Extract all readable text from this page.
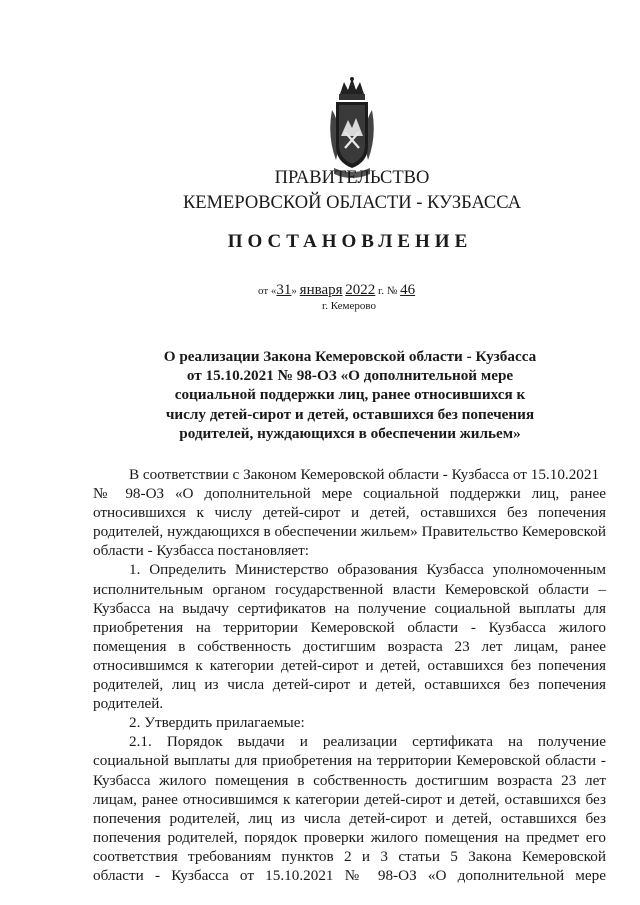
ПРАВИТЕЛЬСТВО
КЕМЕРОВСКОЙ ОБЛАСТИ - КУЗБАССА
ПОСТАНОВЛЕНИЕ
от «31» января 2022 г. № 46
г. Кемерово
О реализации Закона Кемеровской области - Кузбасса
от 15.10.2021 № 98-ОЗ «О дополнительной мере
социальной поддержки лиц, ранее относившихся к
числу детей-сирот и детей, оставшихся без попечения
родителей, нуждающихся в обеспечении жильем»
В соответствии с Законом Кемеровской области - Кузбасса от 15.10.2021
№ 98-ОЗ «О дополнительной мере социальной поддержки лиц, ранее
относившихся к числу детей-сирот и детей, оставшихся без попечения
родителей, нуждающихся в обеспечении жильем» Правительство Кемеровской
области - Кузбасса постановляет:
1. Определить Министерство образования Кузбасса уполномоченным
исполнительным органом государственной власти Кемеровской области –
Кузбасса на выдачу сертификатов на получение социальной выплаты для
приобретения на территории Кемеровской области - Кузбасса жилого
помещения в собственность достигшим возраста 23 лет лицам, ранее
относившимся к категории детей-сирот и детей, оставшихся без попечения
родителей, лиц из числа детей-сирот и детей, оставшихся без попечения
родителей.
2. Утвердить прилагаемые:
2.1. Порядок выдачи и реализации сертификата на получение
социальной выплаты для приобретения на территории Кемеровской области -
Кузбасса жилого помещения в собственность достигшим возраста 23 лет
лицам, ранее относившимся к категории детей-сирот и детей, оставшихся без
попечения родителей, лиц из числа детей-сирот и детей, оставшихся без
попечения родителей, порядок проверки жилого помещения на предмет его
соответствия требованиям пунктов 2 и 3 статьи 5 Закона Кемеровской
области - Кузбасса от 15.10.2021 № 98-ОЗ «О дополнительной мере
